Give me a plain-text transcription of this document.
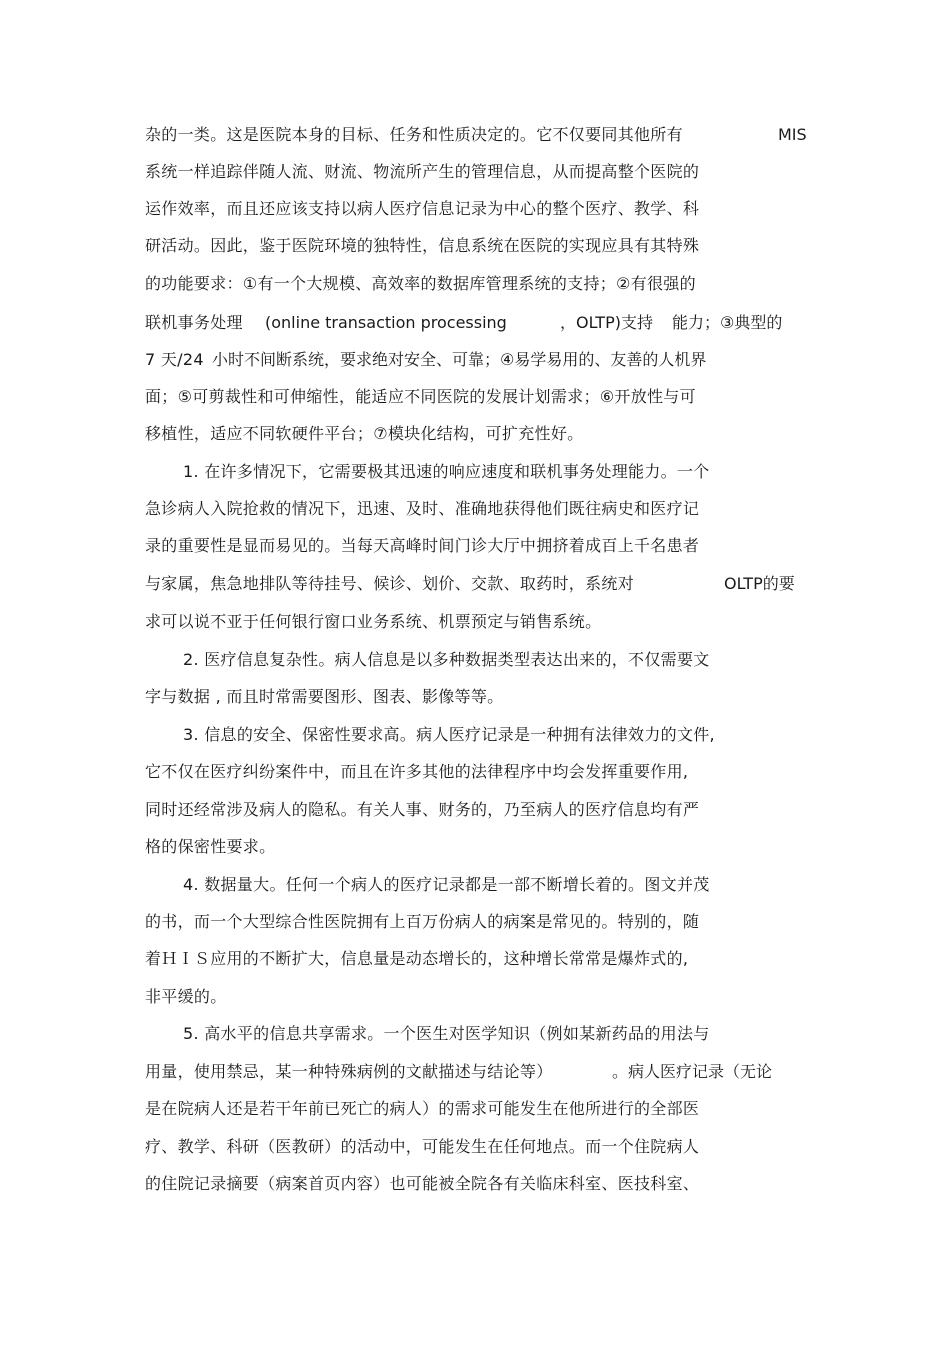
杂的一类。这是医院本身的目标、任务和性质决定的。它不仅要同其他所有	MIS
系统一样追踪伴随人流、财流、物流所产生的管理信息，从而提高整个医院的
运作效率，而且还应该支持以病人医疗信息记录为中心的整个医疗、教学、科
研活动。因此，鉴于医院环境的独特性，信息系统在医院的实现应具有其特殊
的功能要求：①有一个大规模、高效率的数据库管理系统的支持；②有很强的
联机事务处理 (online transaction processing	，OLTP)支持 能力；③典型的
7 天/24 小时不间断系统，要求绝对安全、可靠；④易学易用的、友善的人机界
面；⑤可剪裁性和可伸缩性，能适应不同医院的发展计划需求；⑥开放性与可
移植性，适应不同软硬件平台；⑦模块化结构，可扩充性好。
1. 在许多情况下，它需要极其迅速的响应速度和联机事务处理能力。一个
急诊病人入院抢救的情况下，迅速、及时、准确地获得他们既往病史和医疗记
录的重要性是显而易见的。当每天高峰时间门诊大厅中拥挤着成百上千名患者
与家属，焦急地排队等待挂号、候诊、划价、交款、取药时，系统对	OLTP的要
求可以说不亚于任何银行窗口业务系统、机票预定与销售系统。
2. 医疗信息复杂性。病人信息是以多种数据类型表达出来的，不仅需要文
字与数据 , 而且时常需要图形、图表、影像等等。
3. 信息的安全、保密性要求高。病人医疗记录是一种拥有法律效力的文件,
它不仅在医疗纠纷案件中，而且在许多其他的法律程序中均会发挥重要作用,
同时还经常涉及病人的隐私。有关人事、财务的，乃至病人的医疗信息均有严
格的保密性要求。
4. 数据量大。任何一个病人的医疗记录都是一部不断增长着的。图文并茂
的书，而一个大型综合性医院拥有上百万份病人的病案是常见的。特别的，随
着ＨＩＳ应用的不断扩大，信息量是动态增长的，这种增长常常是爆炸式的,
非平缓的。
5. 高水平的信息共享需求。一个医生对医学知识（例如某新药品的用法与
用量，使用禁忌，某一种特殊病例的文献描述与结论等）	。病人医疗记录（无论
是在院病人还是若干年前已死亡的病人）的需求可能发生在他所进行的全部医
疗、教学、科研（医教研）的活动中，可能发生在任何地点。而一个住院病人
的住院记录摘要（病案首页内容）也可能被全院各有关临床科室、医技科室、
